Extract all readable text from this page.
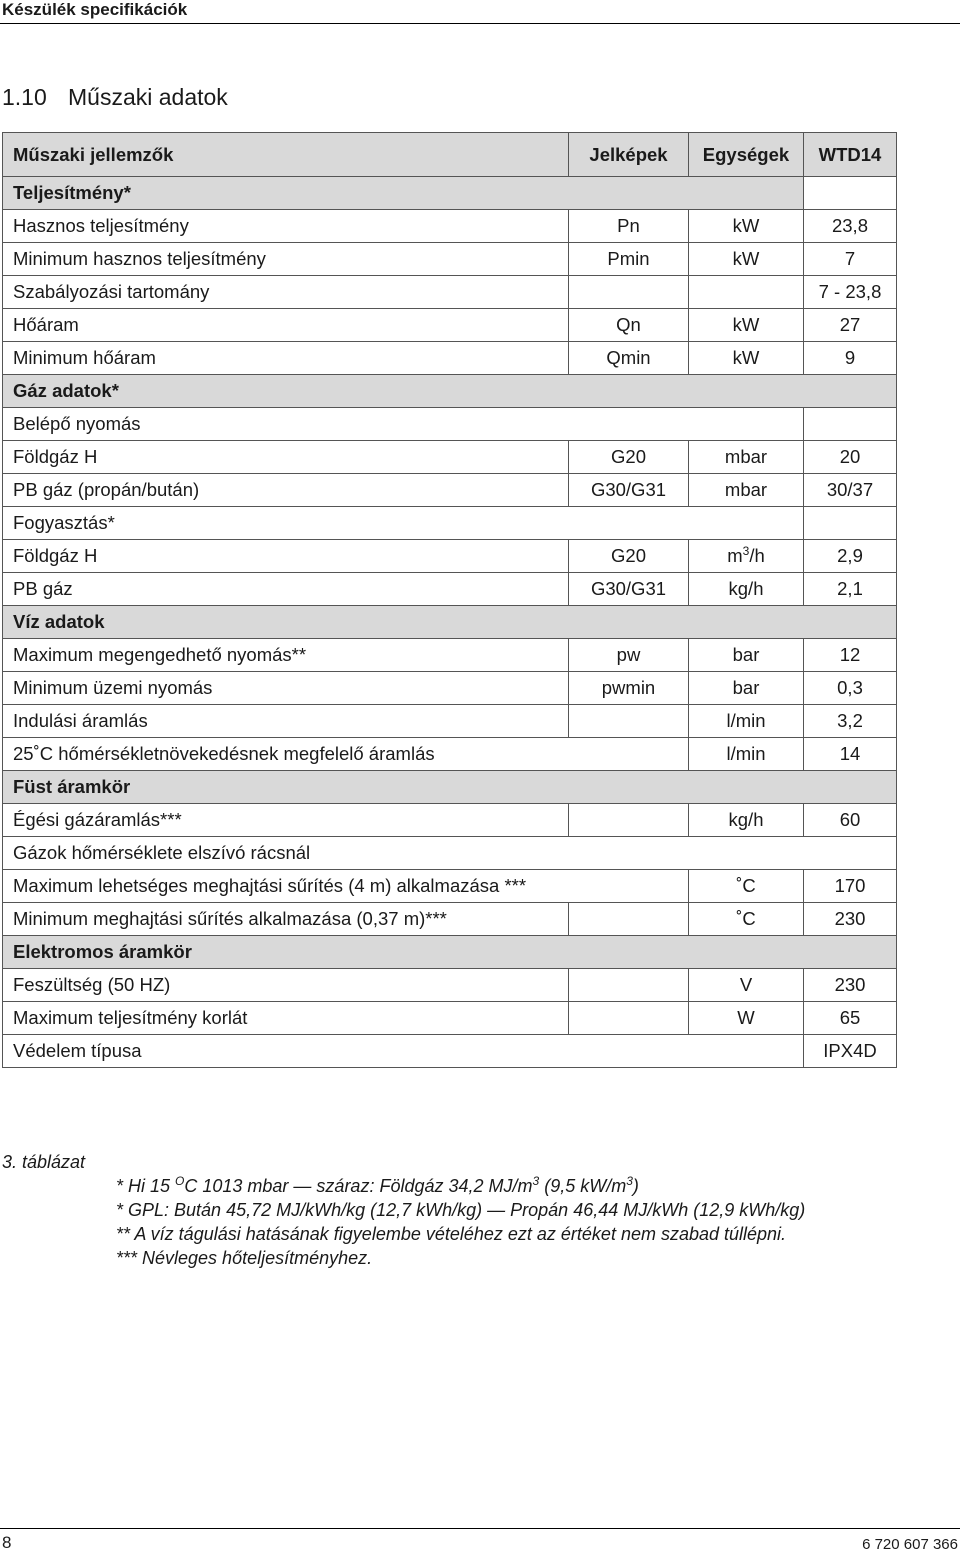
Készülék specifikációk
1.10 Műszaki adatok
Műszaki jellemzők	Jelképek	Egységek	WTD14
Teljesítmény*			
Hasznos teljesítmény	Pn	kW	23,8
Minimum hasznos teljesítmény	Pmin	kW	7
Szabályozási tartomány			7 - 23,8
Hőáram	Qn	kW	27
Minimum hőáram	Qmin	kW	9
Gáz adatok*			
Belépő nyomás			
Földgáz H	G20	mbar	20
PB gáz (propán/bután)	G30/G31	mbar	30/37
Fogyasztás*			
Földgáz H	G20	$m^3/h$	2,9
PB gáz	G30/G31	kg/h	2,1
Víz adatok			
Maximum megengedhető nyomás**	pw	bar	12
Minimum üzemi nyomás	pwmin	bar	0,3
Indulási áramlás		l/min	3,2
25˚C hőmérsékletnövekedésnek megfelelő áramlás		l/min	14
Füst áramkör			
Égési gázáramlás***		kg/h	60
Gázok hőmérséklete elszívó rácsnál			
Maximum lehetséges meghajtási sűrítés (4 m) alkalmazása ***		˚C	170
Minimum meghajtási sűrítés alkalmazása (0,37 m)***		˚C	230
Elektromos áramkör			
Feszültség (50 HZ)		V	230
Maximum teljesítmény korlát		W	65
Védelem típusa			IPX4D
3. táblázat
* Hi 15 $^O$C 1013 mbar — száraz: Földgáz 34,2 $MJ/m^3$ (9,5 $kW/m^3$)
* GPL: Bután 45,72 MJ/kWh/kg (12,7 kWh/kg) — Propán 46,44 MJ/kWh (12,9 kWh/kg)
** A víz tágulási hatásának figyelembe vételéhez ezt az értéket nem szabad túllépni.
*** Névleges hőteljesítményhez.
8	6 720 607 366
